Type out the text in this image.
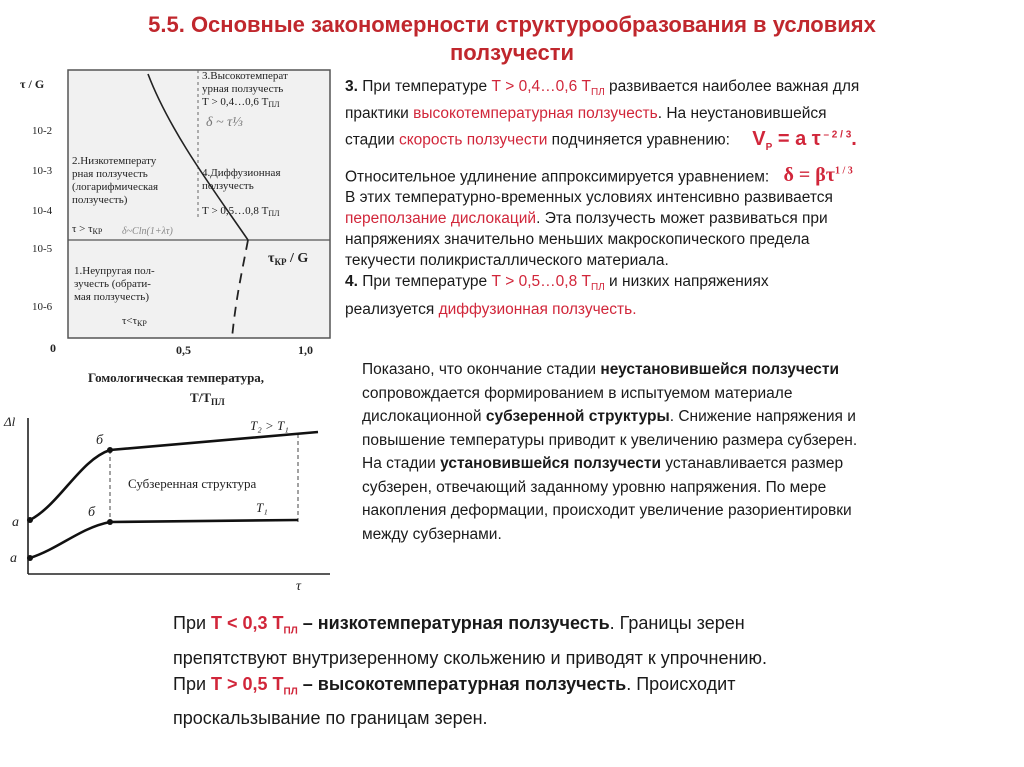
5.5. Основные закономерности структурообразования в условиях
ползучести
τ / G
10-2
10-3
10-4
10-5
10-6
0	0,5	1,0
Гомологическая температура,
$Т/Т_{ПЛ}$
$\tau_{КР}$ / G
3.Высокотемперат
урная ползучесть
Т > 0,4…0,6 ТПЛ
δ ~ τ⅓
2.Низкотемперату
рная ползучесть
(логарифмическая
ползучесть)
τ > τКР δ~Cln(1+λτ)
4.Диффузионная
ползучесть
Т > 0,5…0,8 ТПЛ
1.Неупругая пол-
зучесть (обрати-
мая ползучесть)
τ<τКР
Δl
Субзеренная структура
a
б
a
б
T₂ > T₁
T₁
τ
3. При температуре Т > 0,4…0,6 $Т_{ПЛ}$ развивается наиболее важная для
практики высокотемпературная ползучесть. На неустановившейся
стадии скорость ползучести подчиняется уравнению: $V_P = a$ τ $^{- 2 / 3}$.
Относительное удлинение аппроксимируется уравнением: $\delta = \beta\tau^{1 / 3}$
В этих температурно-временных условиях интенсивно развивается
переползание дислокаций. Эта ползучесть может развиваться при
напряжениях значительно меньших макроскопического предела
текучести поликристаллического материала.
4. При температуре Т > 0,5…0,8 $Т_{ПЛ}$ и низких напряжениях
реализуется диффузионная ползучесть.
Показано, что окончание стадии неустановившейся ползучести
сопровождается формированием в испытуемом материале
дислокационной субзеренной структуры. Снижение напряжения и
повышение температуры приводит к увеличению размера субзерен.
На стадии установившейся ползучести устанавливается размер
субзерен, отвечающий заданному уровню напряжения. По мере
накопления деформации, происходит увеличение разориентировки
между субзернами.
При Т < 0,3 $Т_{ПЛ}$ – низкотемпературная ползучесть. Границы зерен
препятствуют внутризеренному скольжению и приводят к упрочнению.
При Т > 0,5 $Т_{ПЛ}$ – высокотемпературная ползучесть. Происходит
проскальзывание по границам зерен.
